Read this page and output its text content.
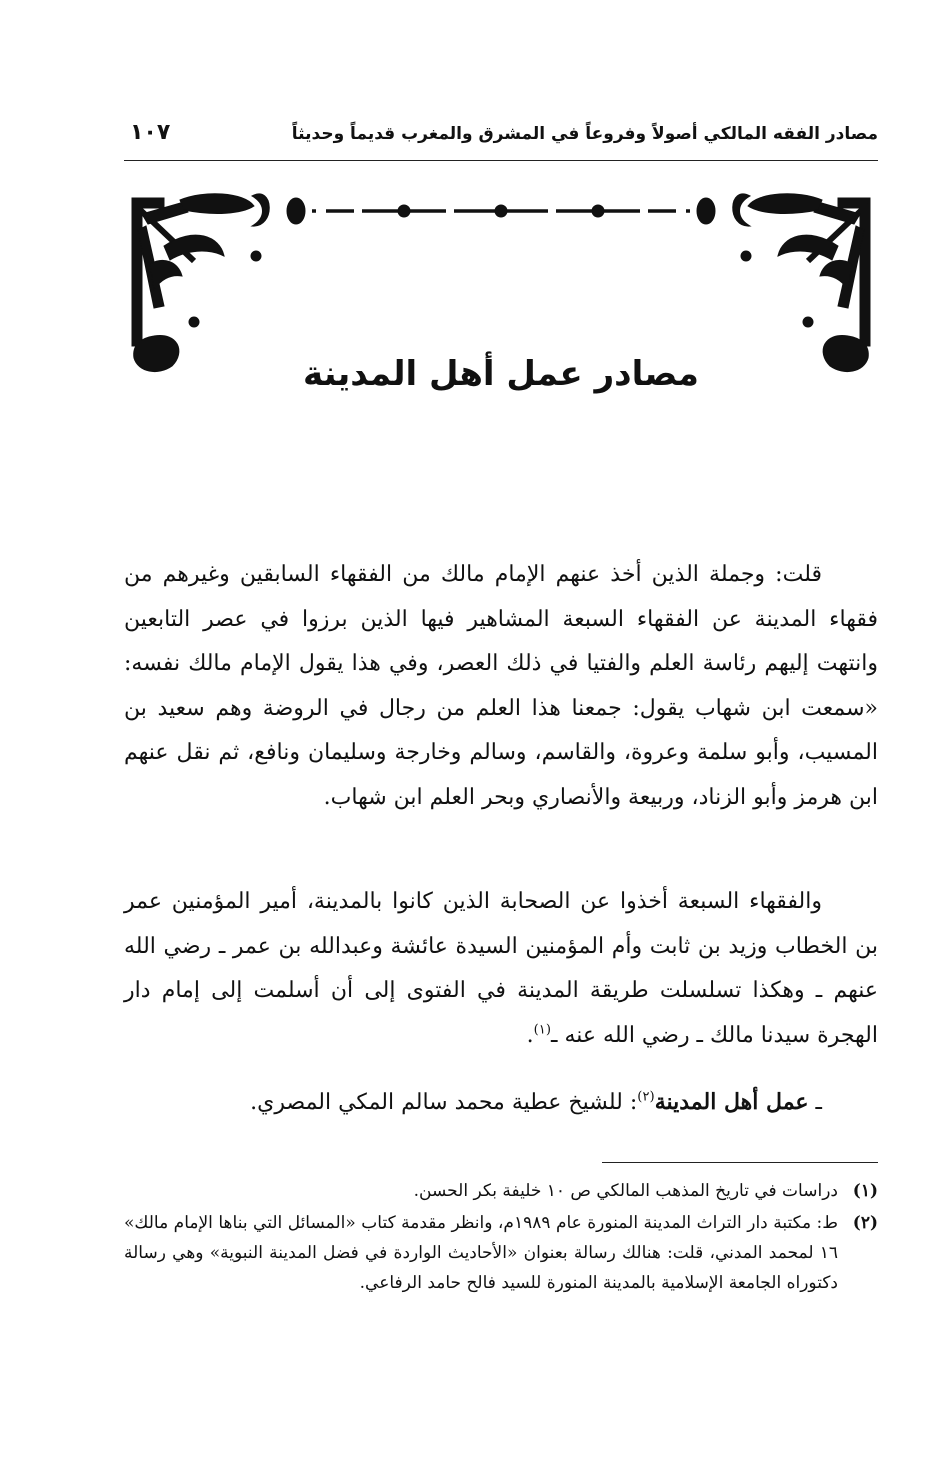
مصادر الفقه المالكي أصولاً وفروعاً في المشرق والمغرب قديماً وحديثاً
١٠٧
مصادر عمل أهل المدينة

قلت: وجملة الذين أخذ عنهم الإمام مالك من الفقهاء السابقين وغيرهم من فقهاء المدينة عن الفقهاء السبعة المشاهير فيها الذين برزوا في عصر التابعين وانتهت إليهم رئاسة العلم والفتيا في ذلك العصر، وفي هذا يقول الإمام مالك نفسه: «سمعت ابن شهاب يقول: جمعنا هذا العلم من رجال في الروضة وهم سعيد بن المسيب، وأبو سلمة وعروة، والقاسم، وسالم وخارجة وسليمان ونافع، ثم نقل عنهم ابن هرمز وأبو الزناد، وربيعة والأنصاري وبحر العلم ابن شهاب.

والفقهاء السبعة أخذوا عن الصحابة الذين كانوا بالمدينة، أمير المؤمنين عمر بن الخطاب وزيد بن ثابت وأم المؤمنين السيدة عائشة وعبدالله بن عمر ـ رضي الله عنهم ـ وهكذا تسلسلت طريقة المدينة في الفتوى إلى أن أسلمت إلى إمام دار الهجرة سيدنا مالك ـ رضي الله عنه ـ$^{(١)}$.

ـ عمل أهل المدينة$^{(٢)}$: للشيخ عطية محمد سالم المكي المصري.

(١)
دراسات في تاريخ المذهب المالكي ص ١٠ خليفة بكر الحسن.
(٢)
ط: مكتبة دار التراث المدينة المنورة عام ١٩٨٩م، وانظر مقدمة كتاب «المسائل التي بناها الإمام مالك» ١٦ لمحمد المدني، قلت: هنالك رسالة بعنوان «الأحاديث الواردة في فضل المدينة النبوية» وهي رسالة دكتوراه الجامعة الإسلامية بالمدينة المنورة للسيد فالح حامد الرفاعي.
